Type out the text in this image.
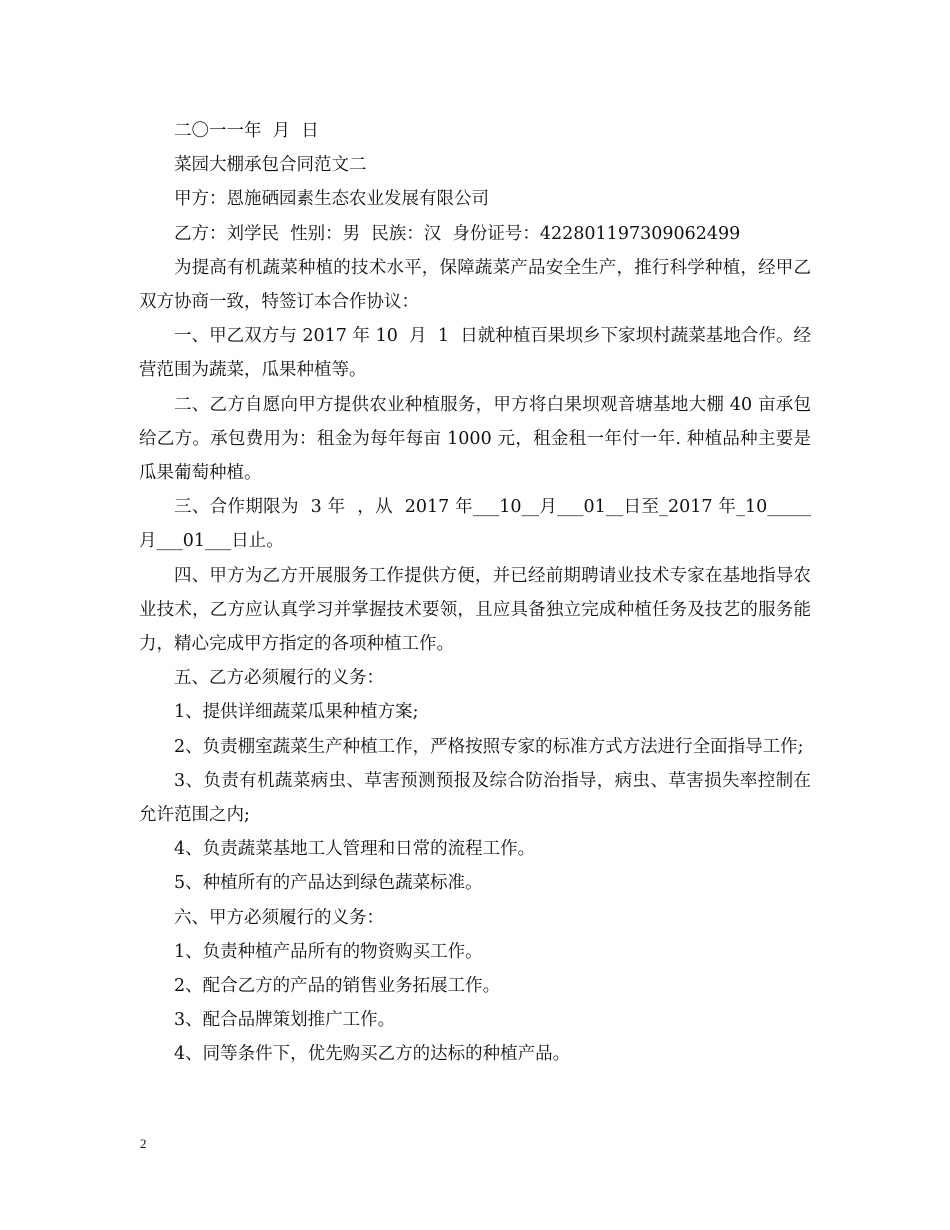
二〇一一年  月  日

菜园大棚承包合同范文二

甲方：恩施硒园素生态农业发展有限公司

乙方：刘学民  性别：男  民族：汉  身份证号：422801197309062499

为提高有机蔬菜种植的技术水平，保障蔬菜产品安全生产，推行科学种植，经甲乙双方协商一致，特签订本合作协议：

一、甲乙双方与 2017 年 10  月  1  日就种植百果坝乡下家坝村蔬菜基地合作。经营范围为蔬菜，瓜果种植等。

二、乙方自愿向甲方提供农业种植服务，甲方将白果坝观音塘基地大棚 40 亩承包给乙方。承包费用为：租金为每年每亩 1000 元，租金租一年付一年. 种植品种主要是瓜果葡萄种植。

三、合作期限为  3 年  ，从  2017 年___10__月___01__日至_2017 年_10_____月___01___日止。

四、甲方为乙方开展服务工作提供方便，并已经前期聘请业技术专家在基地指导农业技术，乙方应认真学习并掌握技术要领，且应具备独立完成种植任务及技艺的服务能力，精心完成甲方指定的各项种植工作。

五、乙方必须履行的义务：

1、提供详细蔬菜瓜果种植方案;

2、负责棚室蔬菜生产种植工作，严格按照专家的标准方式方法进行全面指导工作;

3、负责有机蔬菜病虫、草害预测预报及综合防治指导，病虫、草害损失率控制在允许范围之内;

4、负责蔬菜基地工人管理和日常的流程工作。

5、种植所有的产品达到绿色蔬菜标准。

六、甲方必须履行的义务：

1、负责种植产品所有的物资购买工作。

2、配合乙方的产品的销售业务拓展工作。

3、配合品牌策划推广工作。

4、同等条件下，优先购买乙方的达标的种植产品。

2
